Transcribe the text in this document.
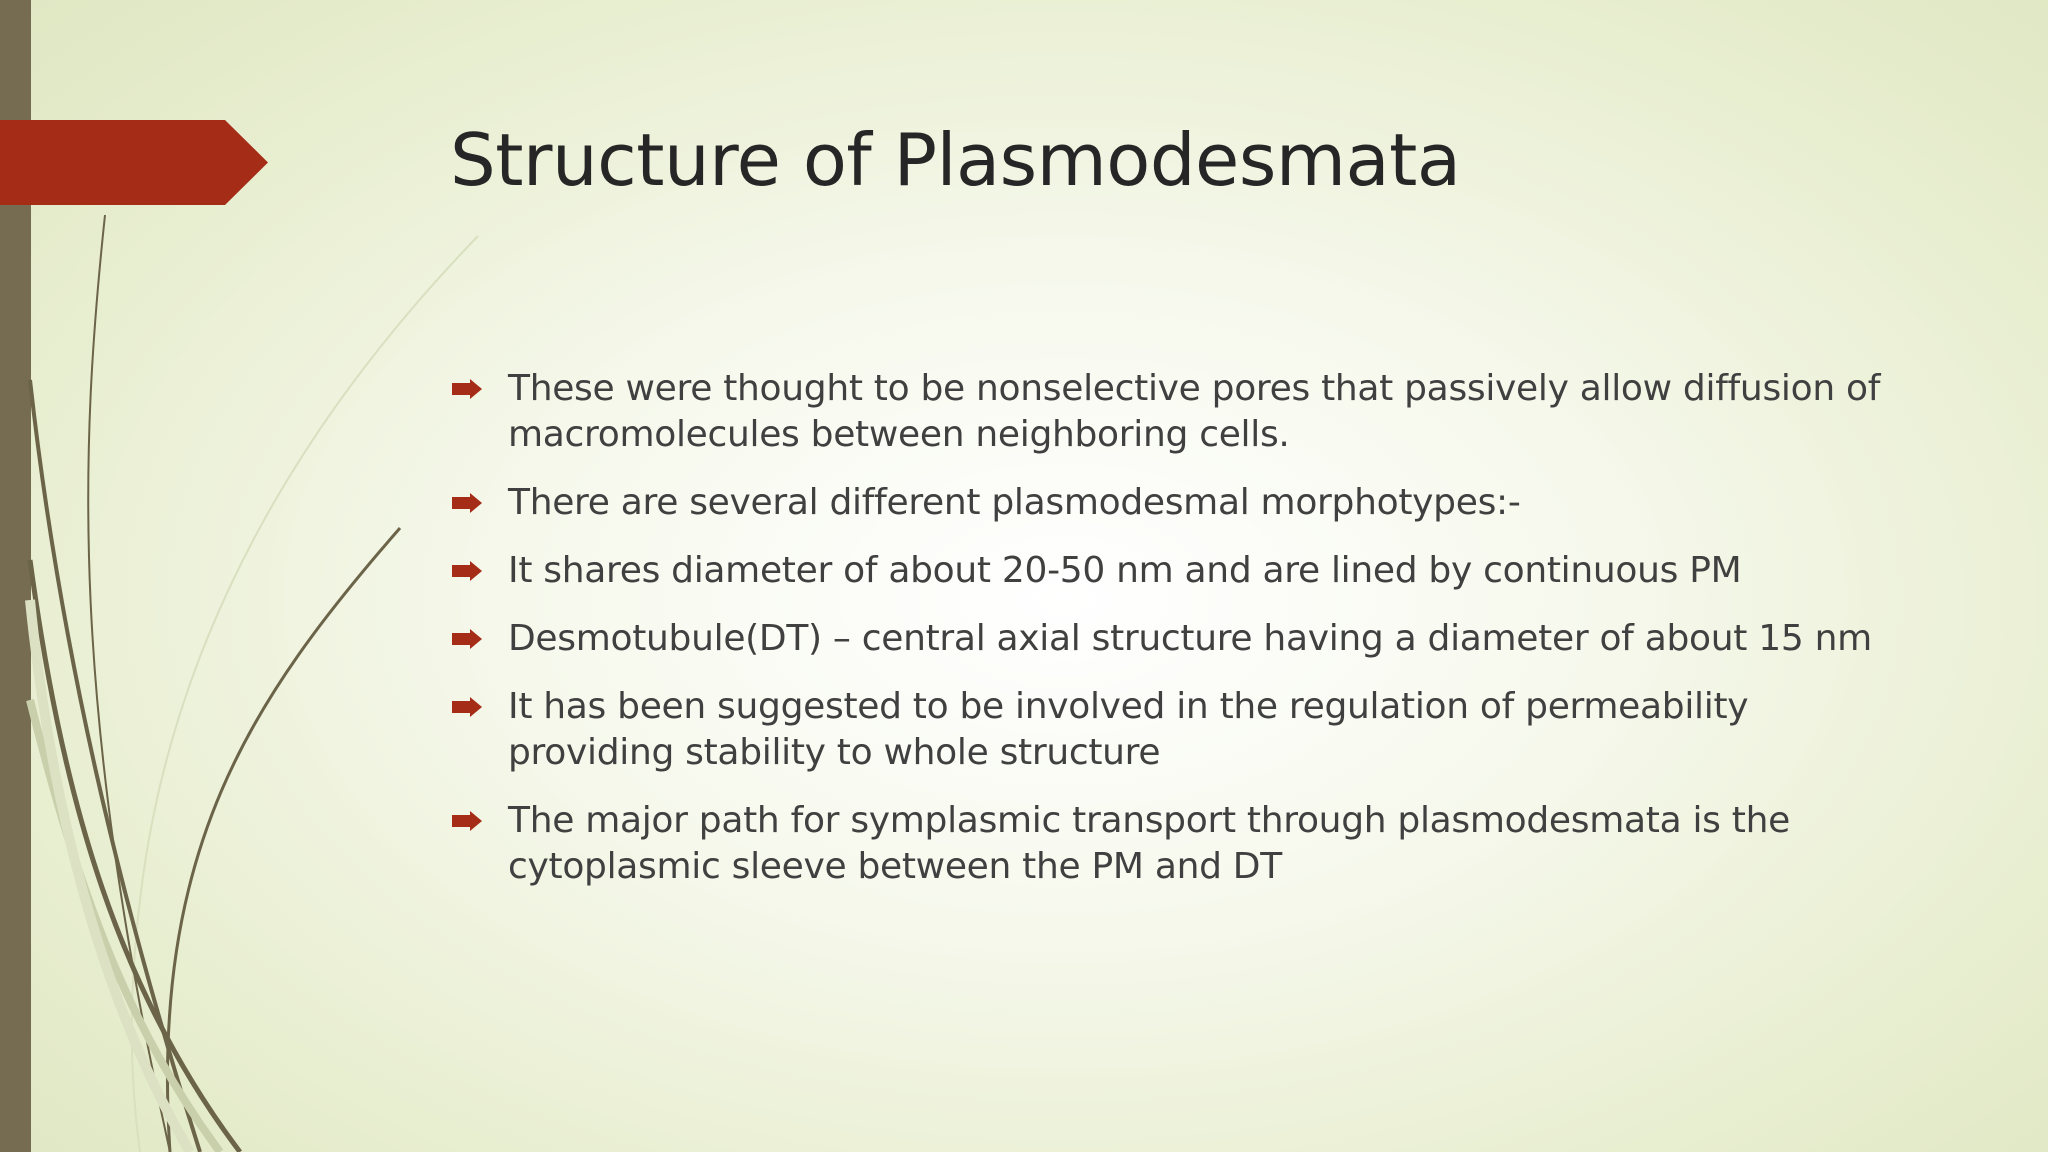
Structure of Plasmodesmata
These were thought to be nonselective pores that passively allow diffusion of macromolecules between neighboring cells.
There are several different plasmodesmal morphotypes:-
It shares diameter of about 20-50 nm and are lined by continuous PM
Desmotubule(DT) – central axial structure having a diameter of about 15 nm
It has been suggested to be involved in the regulation of permeability providing stability to whole structure
The major path for symplasmic transport through plasmodesmata is the cytoplasmic sleeve between the PM and DT
